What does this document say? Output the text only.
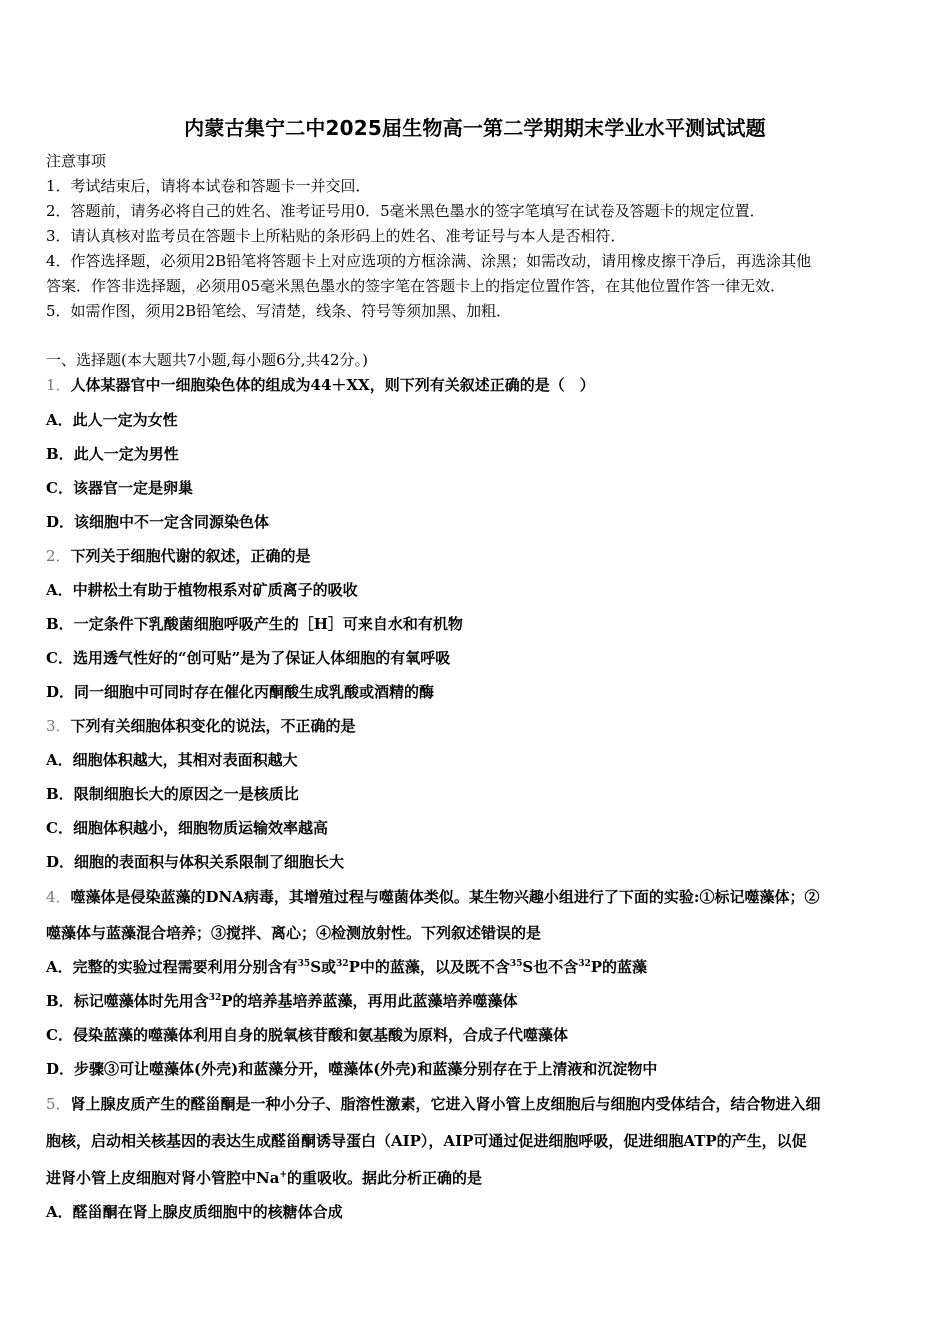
内蒙古集宁二中2025届生物高一第二学期期末学业水平测试试题
注意事项
1．考试结束后，请将本试卷和答题卡一并交回．
2．答题前，请务必将自己的姓名、准考证号用0．5毫米黑色墨水的签字笔填写在试卷及答题卡的规定位置．
3．请认真核对监考员在答题卡上所粘贴的条形码上的姓名、准考证号与本人是否相符．
4．作答选择题，必须用2B铅笔将答题卡上对应选项的方框涂满、涂黑；如需改动，请用橡皮擦干净后，再选涂其他
答案．作答非选择题，必须用05毫米黑色墨水的签字笔在答题卡上的指定位置作答，在其他位置作答一律无效．
5．如需作图，须用2B铅笔绘、写清楚，线条、符号等须加黑、加粗．
一、选择题(本大题共7小题,每小题6分,共42分。)
1．人体某器官中一细胞染色体的组成为44＋XX，则下列有关叙述正确的是（　）
A．此人一定为女性
B．此人一定为男性
C．该器官一定是卵巢
D．该细胞中不一定含同源染色体
2．下列关于细胞代谢的叙述，正确的是
A．中耕松土有助于植物根系对矿质离子的吸收
B．一定条件下乳酸菌细胞呼吸产生的［H］可来自水和有机物
C．选用透气性好的“创可贴”是为了保证人体细胞的有氧呼吸
D．同一细胞中可同时存在催化丙酮酸生成乳酸或酒精的酶
3．下列有关细胞体积变化的说法，不正确的是
A．细胞体积越大，其相对表面积越大
B．限制细胞长大的原因之一是核质比
C．细胞体积越小，细胞物质运输效率越高
D．细胞的表面积与体积关系限制了细胞长大
4．噬藻体是侵染蓝藻的DNA病毒，其增殖过程与噬菌体类似。某生物兴趣小组进行了下面的实验:①标记噬藻体；②
噬藻体与蓝藻混合培养；③搅拌、离心；④检测放射性。下列叙述错误的是
A．完整的实验过程需要利用分别含有$^{35}$S或$^{32}$P中的蓝藻，以及既不含$^{35}$S也不含$^{32}$P的蓝藻
B．标记噬藻体时先用含$^{32}$P的培养基培养蓝藻，再用此蓝藻培养噬藻体
C．侵染蓝藻的噬藻体利用自身的脱氧核苷酸和氨基酸为原料，合成子代噬藻体
D．步骤③可让噬藻体(外壳)和蓝藻分开，噬藻体(外壳)和蓝藻分别存在于上清液和沉淀物中
5．肾上腺皮质产生的醛甾酮是一种小分子、脂溶性激素，它进入肾小管上皮细胞后与细胞内受体结合，结合物进入细
胞核，启动相关核基因的表达生成醛甾酮诱导蛋白（AIP），AIP可通过促进细胞呼吸，促进细胞ATP的产生，以促
进肾小管上皮细胞对肾小管腔中Na+的重吸收。据此分析正确的是
A．醛甾酮在肾上腺皮质细胞中的核糖体合成
